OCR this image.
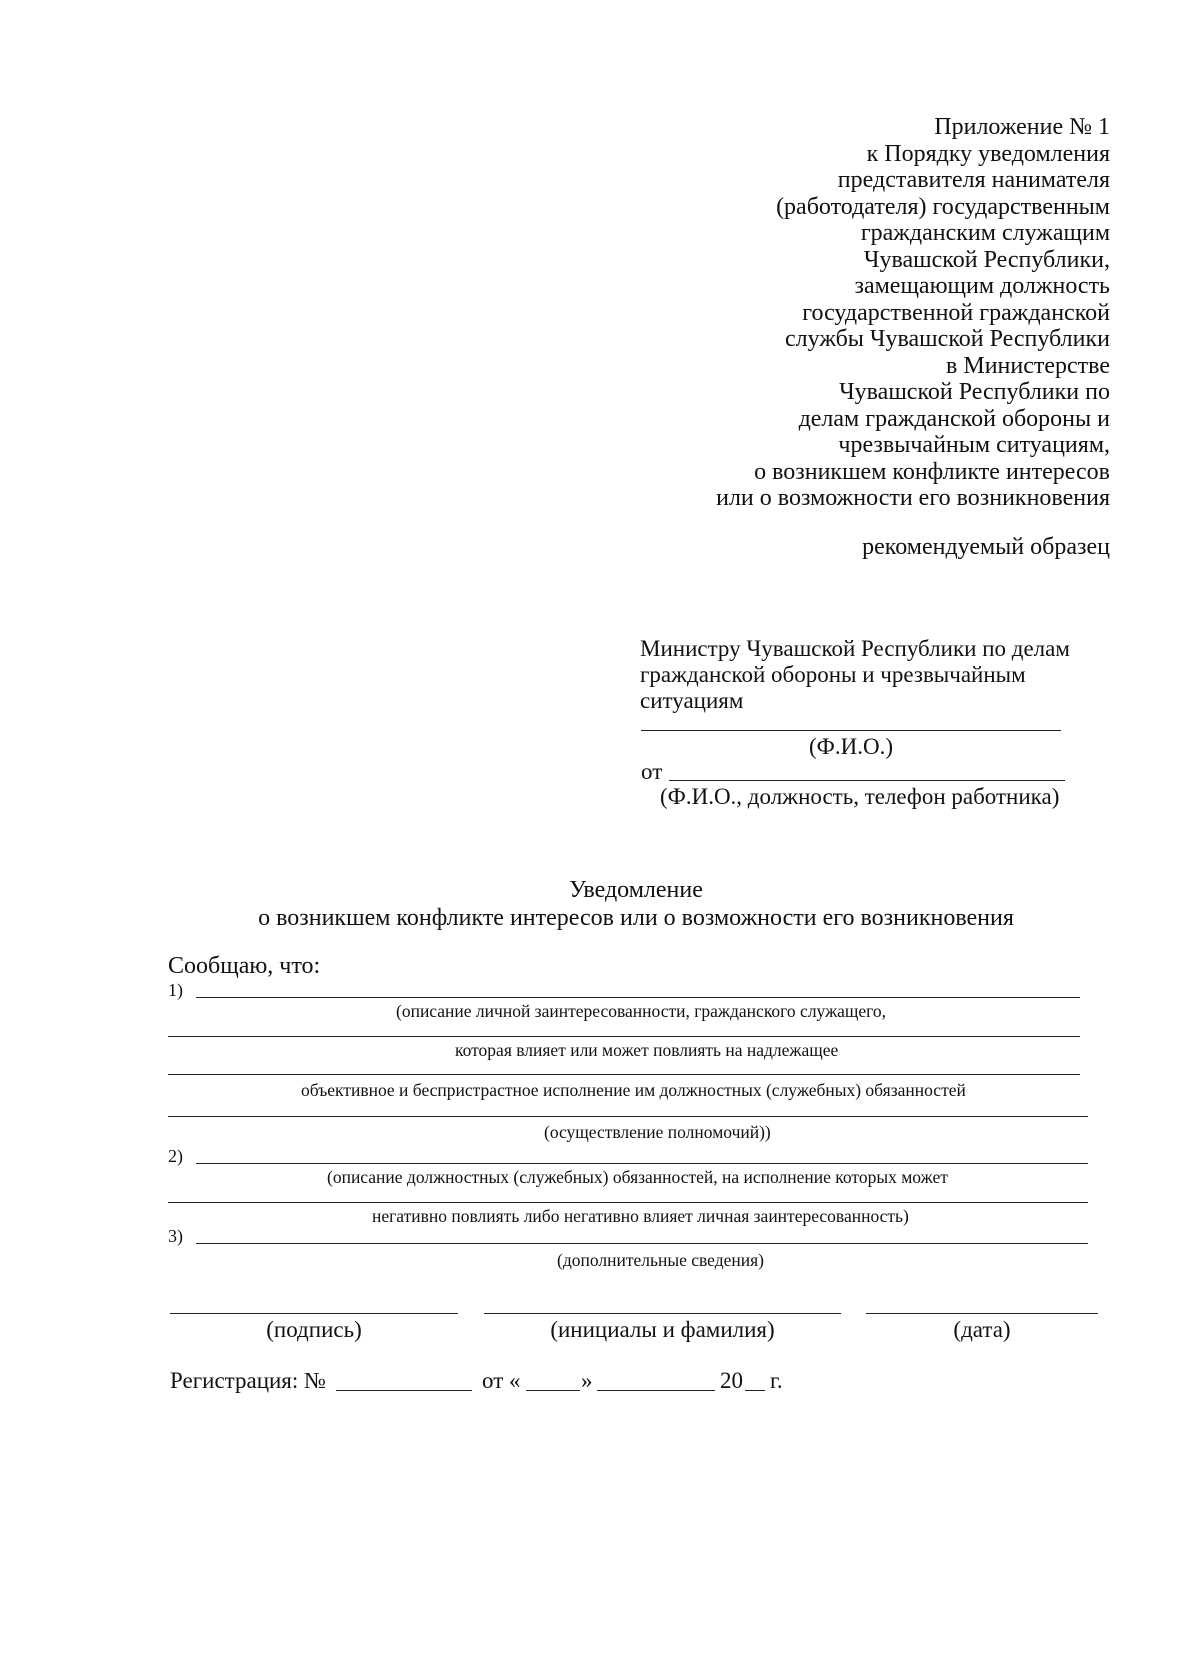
Приложение № 1
к Порядку уведомления
представителя нанимателя
(работодателя) государственным
гражданским служащим
Чувашской Республики,
замещающим должность
государственной гражданской
службы Чувашской Республики
в Министерстве
Чувашской Республики по
делам гражданской обороны и
чрезвычайным ситуациям,
о возникшем конфликте интересов
или о возможности его возникновения
рекомендуемый образец
Министру Чувашской Республики по делам
гражданской обороны и чрезвычайным
ситуациям
(Ф.И.О.)
от
(Ф.И.О., должность, телефон работника)
Уведомление
о возникшем конфликте интересов или о возможности его возникновения
Сообщаю, что:
1)
(описание личной заинтересованности, гражданского служащего,
которая влияет или может повлиять на надлежащее
объективное и беспристрастное исполнение им должностных (служебных) обязанностей
(осуществление полномочий))
2)
(описание должностных (служебных) обязанностей, на исполнение которых может
негативно повлиять либо негативно влияет личная заинтересованность)
3)
(дополнительные сведения)
(подпись)	(инициалы и фамилия)	(дата)
Регистрация: №	от «	»	20 г.
